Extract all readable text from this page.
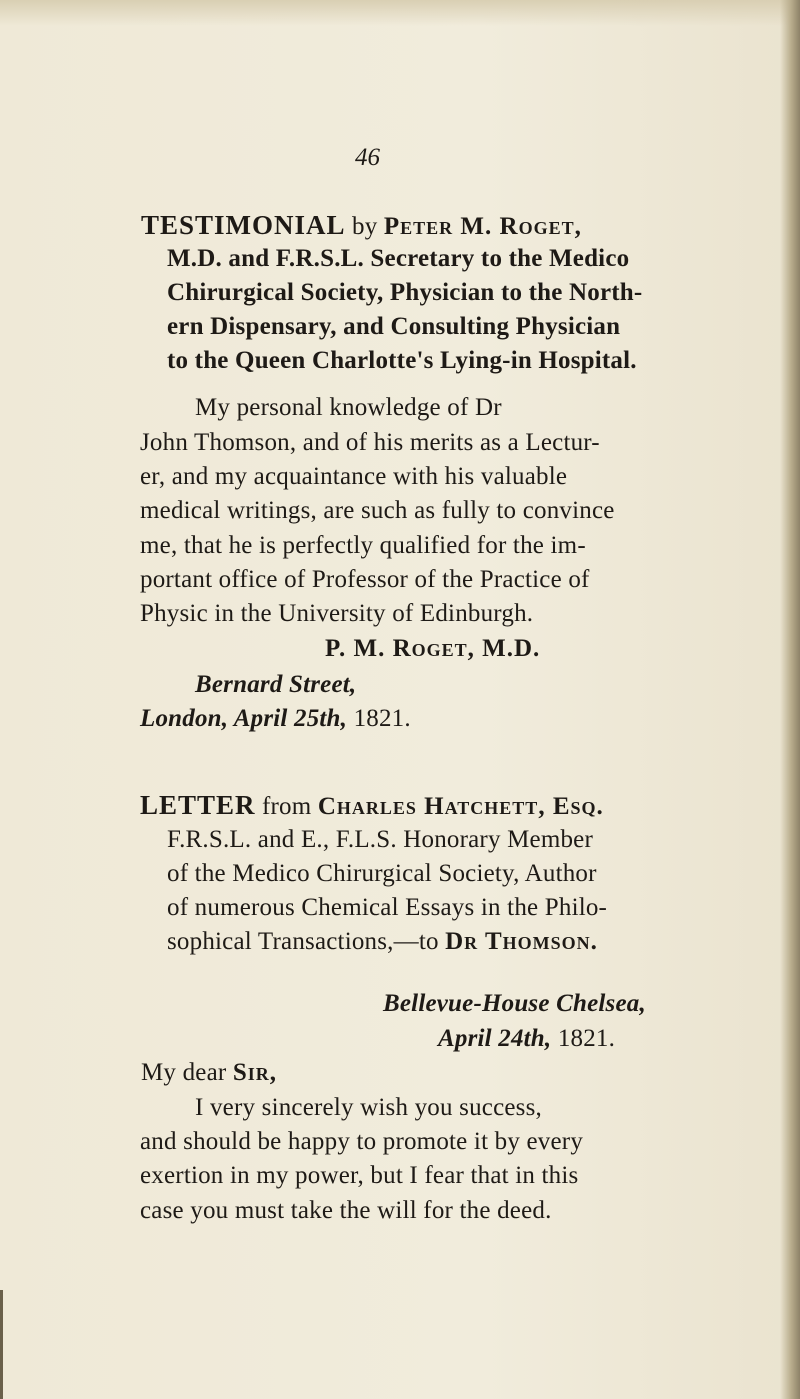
46
TESTIMONIAL by Peter M. Roget,
M.D. and F.R.S.L. Secretary to the Medico
Chirurgical Society, Physician to the North-
ern Dispensary, and Consulting Physician
to the Queen Charlotte's Lying-in Hospital.
My personal knowledge of Dr
John Thomson, and of his merits as a Lectur-
er, and my acquaintance with his valuable
medical writings, are such as fully to convince
me, that he is perfectly qualified for the im-
portant office of Professor of the Practice of
Physic in the University of Edinburgh.
P. M. Roget, M.D.
Bernard Street,
London, April 25th, 1821.
LETTER from Charles Hatchett, Esq.
F.R.S.L. and E., F.L.S. Honorary Member
of the Medico Chirurgical Society, Author
of numerous Chemical Essays in the Philo-
sophical Transactions,—to Dr Thomson.
Bellevue-House Chelsea,
April 24th, 1821.
My dear Sir,
I very sincerely wish you success,
and should be happy to promote it by every
exertion in my power, but I fear that in this
case you must take the will for the deed.
